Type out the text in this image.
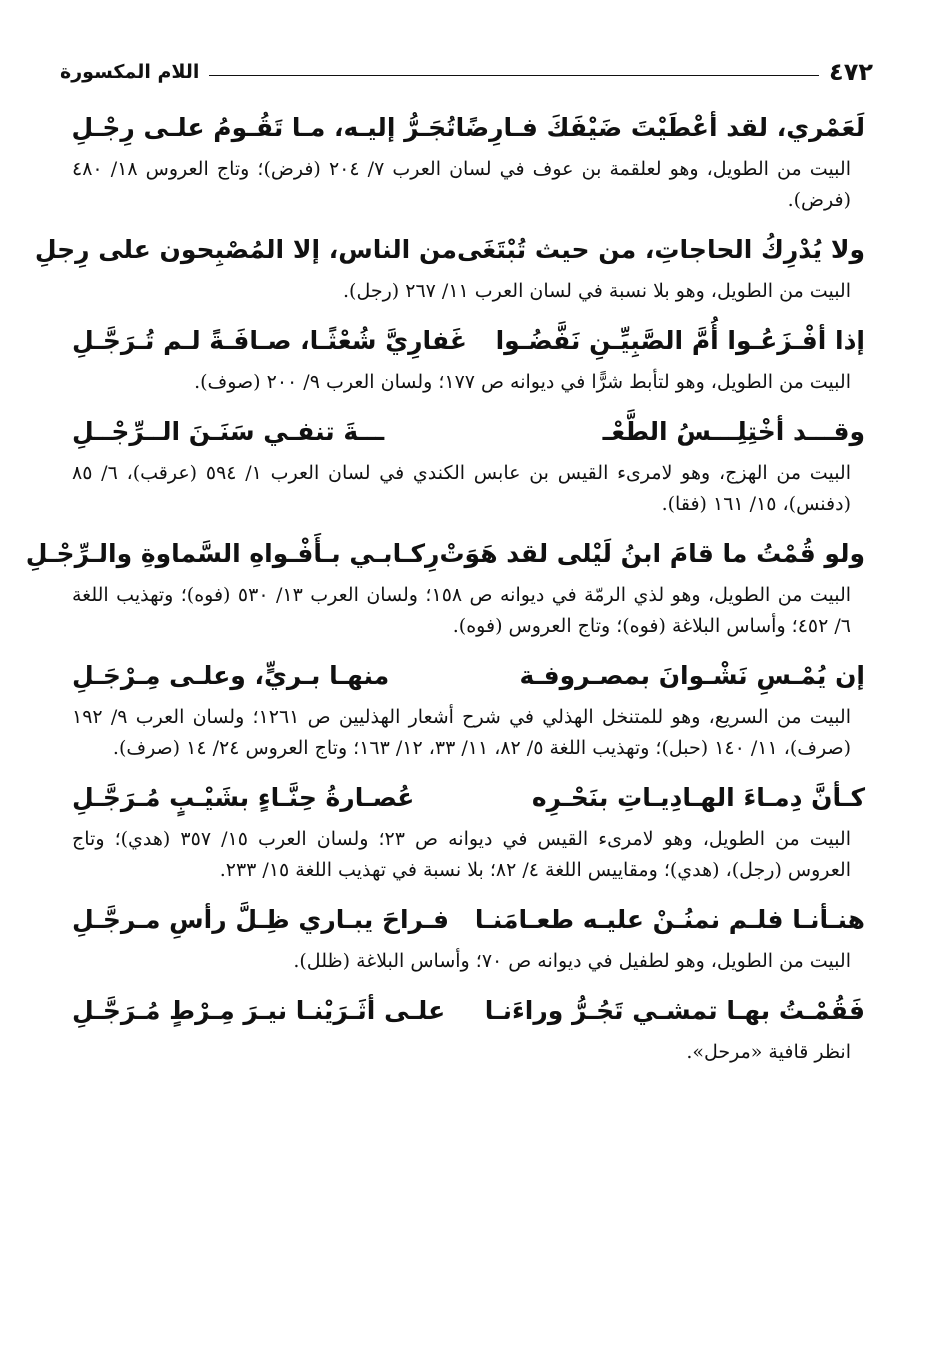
٤٧٢
اللام المكسورة
لَعَمْري، لقد أعْطَيْتَ ضَيْفَكَ فـارِضًا
تُجَـرُّ إليـه، مـا تَقُـومُ علـى رِجْـلِ
البيت من الطويل، وهو لعلقمة بن عوف في لسان العرب ٧/ ٢٠٤ (فرض)؛ وتاج العروس ١٨/ ٤٨٠ (فرض).
ولا يُدْرِكُ الحاجاتِ، من حيث تُبْتَغَى
من الناس، إلا المُصْبِحون على رِجلِ
البيت من الطويل، وهو بلا نسبة في لسان العرب ١١/ ٢٦٧ (رجل).
إذا أفْـزَعُـوا أُمَّ الصَّبِيِّـنِ نَفَّضُـوا
غَفارِيَّ شُعْثًـا، صـافَـةً لـم تُـرَجَّـلِ
البيت من الطويل، وهو لتأبط شرًّا في ديوانه ص ١٧٧؛ ولسان العرب ٩/ ٢٠٠ (صوف).
وقـــد أخْتِلِـــسُ الطَّعْـ
ـــةَ تنفـي سَنَـنَ الــرِّجْــلِ
البيت من الهزج، وهو لامرىء القيس بن عابس الكندي في لسان العرب ١/ ٥٩٤ (عرقب)، ٦/ ٨٥ (دفنس)، ١٥/ ١٦١ (فقا).
ولو قُمْتُ ما قامَ ابنُ لَيْلى لقد هَوَتْ
رِكـابـي بـأَفْـواهِ السَّماوةِ والـرِّجْـلِ
البيت من الطويل، وهو لذي الرمّة في ديوانه ص ١٥٨؛ ولسان العرب ١٣/ ٥٣٠ (فوه)؛ وتهذيب اللغة ٦/ ٤٥٢؛ وأساس البلاغة (فوه)؛ وتاج العروس (فوه).
إن يُمْـسِ نَشْـوانَ بمصـروفـة
منهـا بـريٍّ، وعلـى مِـرْجَـلِ
البيت من السريع، وهو للمتنخل الهذلي في شرح أشعار الهذليين ص ١٢٦١؛ ولسان العرب ٩/ ١٩٢ (صرف)، ١١/ ١٤٠ (حبل)؛ وتهذيب اللغة ٥/ ٨٢، ١١/ ٣٣، ١٢/ ١٦٣؛ وتاج العروس ٢٤/ ١٤ (صرف).
كـأنَّ دِمـاءَ الهـادِيـاتِ بنَحْـرِه
عُصـارةُ حِنَّـاءٍ بشَيْـبٍ مُـرَجَّـلِ
البيت من الطويل، وهو لامرىء القيس في ديوانه ص ٢٣؛ ولسان العرب ١٥/ ٣٥٧ (هدي)؛ وتاج العروس (رجل)، (هدي)؛ ومقاييس اللغة ٤/ ٨٢؛ بلا نسبة في تهذيب اللغة ١٥/ ٢٣٣.
هنـأنـا فلـم نمنُـنْ عليـه طعـامَنـا
فـراحَ يبـاري ظِـلَّ رأسِ مـرجَّـلِ
البيت من الطويل، وهو لطفيل في ديوانه ص ٧٠؛ وأساس البلاغة (ظلل).
فَقُمْـتُ بهـا تمشـي تَجُـرُّ وراءَنـا
علـى أثَـرَيْنـا نيـرَ مِـرْطٍ مُـرَجَّـلِ
انظر قافية «مرحل».
